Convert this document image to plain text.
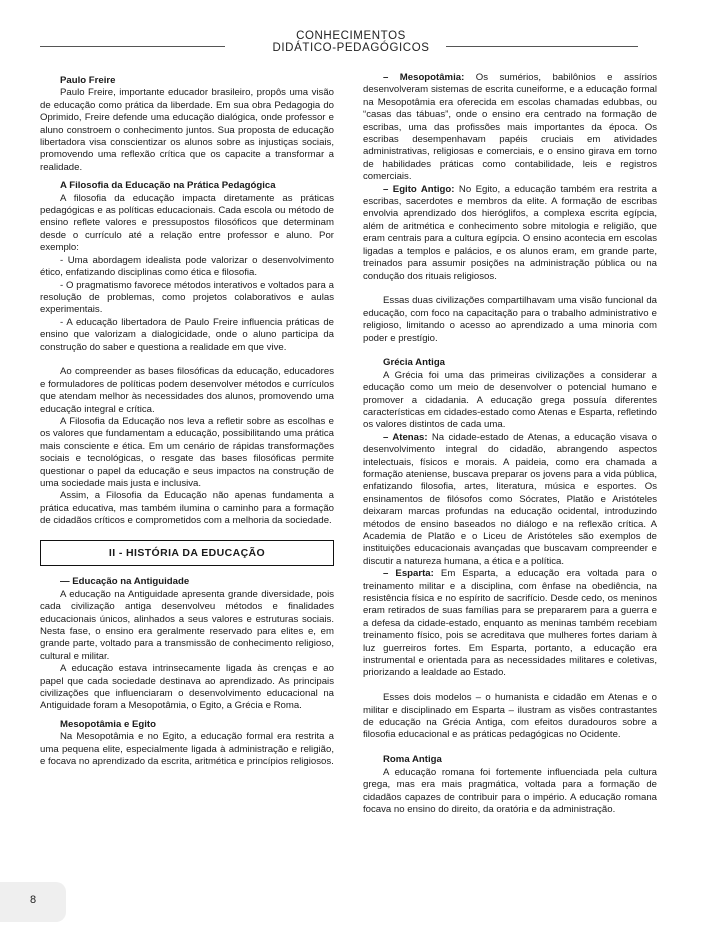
CONHECIMENTOS
DIDÁTICO-PEDAGÓGICOS

Paulo Freire

Paulo Freire, importante educador brasileiro, propôs uma visão de educação como prática da liberdade. Em sua obra Pedagogia do Oprimido, Freire defende uma educação dialógica, onde professor e aluno constroem o conhecimento juntos. Sua proposta de educação libertadora visa conscientizar os alunos sobre as injustiças sociais, promovendo uma reflexão crítica que os capacite a transformar a realidade.

A Filosofia da Educação na Prática Pedagógica

A filosofia da educação impacta diretamente as práticas pedagógicas e as políticas educacionais. Cada escola ou método de ensino reflete valores e pressupostos filosóficos que determinam desde o currículo até a relação entre professor e aluno. Por exemplo:

- Uma abordagem idealista pode valorizar o desenvolvimento ético, enfatizando disciplinas como ética e filosofia.

- O pragmatismo favorece métodos interativos e voltados para a resolução de problemas, como projetos colaborativos e aulas experimentais.

- A educação libertadora de Paulo Freire influencia práticas de ensino que valorizam a dialogicidade, onde o aluno participa da construção do saber e questiona a realidade em que vive.

Ao compreender as bases filosóficas da educação, educadores e formuladores de políticas podem desenvolver métodos e currículos que atendam melhor às necessidades dos alunos, promovendo uma educação integral e crítica.

A Filosofia da Educação nos leva a refletir sobre as escolhas e os valores que fundamentam a educação, possibilitando uma prática mais consciente e ética. Em um cenário de rápidas transformações sociais e tecnológicas, o resgate das bases filosóficas permite questionar o papel da educação e seus impactos na construção de uma sociedade mais justa e inclusiva.

Assim, a Filosofia da Educação não apenas fundamenta a prática educativa, mas também ilumina o caminho para a formação de cidadãos críticos e comprometidos com a melhoria da sociedade.

II - HISTÓRIA DA EDUCAÇÃO

— Educação na Antiguidade

A educação na Antiguidade apresenta grande diversidade, pois cada civilização antiga desenvolveu métodos e finalidades educacionais únicos, alinhados a seus valores e estruturas sociais. Nesta fase, o ensino era geralmente reservado para elites e, em grande parte, voltado para a transmissão de conhecimento religioso, cultural e militar.

A educação estava intrinsecamente ligada às crenças e ao papel que cada sociedade destinava ao aprendizado. As principais civilizações que influenciaram o desenvolvimento educacional na Antiguidade foram a Mesopotâmia, o Egito, a Grécia e Roma.

Mesopotâmia e Egito

Na Mesopotâmia e no Egito, a educação formal era restrita a uma pequena elite, especialmente ligada à administração e religião, e focava no aprendizado da escrita, aritmética e princípios religiosos.

– Mesopotâmia: Os sumérios, babilônios e assírios desenvolveram sistemas de escrita cuneiforme, e a educação formal na Mesopotâmia era oferecida em escolas chamadas edubbas, ou “casas das tábuas”, onde o ensino era centrado na formação de escribas, uma das profissões mais importantes da época. Os escribas desempenhavam papéis cruciais em atividades administrativas, religiosas e comerciais, e o ensino girava em torno de habilidades práticas como contabilidade, leis e registros comerciais.

– Egito Antigo: No Egito, a educação também era restrita a escribas, sacerdotes e membros da elite. A formação de escribas envolvia aprendizado dos hieróglifos, a complexa escrita egípcia, além de aritmética e conhecimento sobre mitologia e religião, que eram centrais para a cultura egípcia. O ensino acontecia em escolas ligadas a templos e palácios, e os alunos eram, em grande parte, treinados para assumir posições na administração pública ou na condução dos rituais religiosos.

Essas duas civilizações compartilhavam uma visão funcional da educação, com foco na capacitação para o trabalho administrativo e religioso, limitando o acesso ao aprendizado a uma minoria com poder e prestígio.

Grécia Antiga

A Grécia foi uma das primeiras civilizações a considerar a educação como um meio de desenvolver o potencial humano e promover a cidadania. A educação grega possuía diferentes características em cidades-estado como Atenas e Esparta, refletindo os valores distintos de cada uma.

– Atenas: Na cidade-estado de Atenas, a educação visava o desenvolvimento integral do cidadão, abrangendo aspectos intelectuais, físicos e morais. A paideia, como era chamada a formação ateniense, buscava preparar os jovens para a vida pública, enfatizando filosofia, artes, literatura, música e esportes. Os ensinamentos de filósofos como Sócrates, Platão e Aristóteles deixaram marcas profundas na educação ocidental, introduzindo métodos de ensino baseados no diálogo e na reflexão crítica. A Academia de Platão e o Liceu de Aristóteles são exemplos de instituições educacionais avançadas que buscavam compreender e discutir a natureza humana, a ética e a política.

– Esparta: Em Esparta, a educação era voltada para o treinamento militar e a disciplina, com ênfase na obediência, na resistência física e no espírito de sacrifício. Desde cedo, os meninos eram retirados de suas famílias para se prepararem para a guerra e a defesa da cidade-estado, enquanto as meninas também recebiam treinamento físico, pois se acreditava que mulheres fortes dariam à luz guerreiros fortes. Em Esparta, portanto, a educação era instrumental e orientada para as necessidades militares e coletivas, priorizando a lealdade ao Estado.

Esses dois modelos – o humanista e cidadão em Atenas e o militar e disciplinado em Esparta – ilustram as visões contrastantes de educação na Grécia Antiga, com efeitos duradouros sobre a filosofia educacional e as práticas pedagógicas no Ocidente.

Roma Antiga

A educação romana foi fortemente influenciada pela cultura grega, mas era mais pragmática, voltada para a formação de cidadãos capazes de contribuir para o império. A educação romana focava no ensino do direito, da oratória e da administração.

8
